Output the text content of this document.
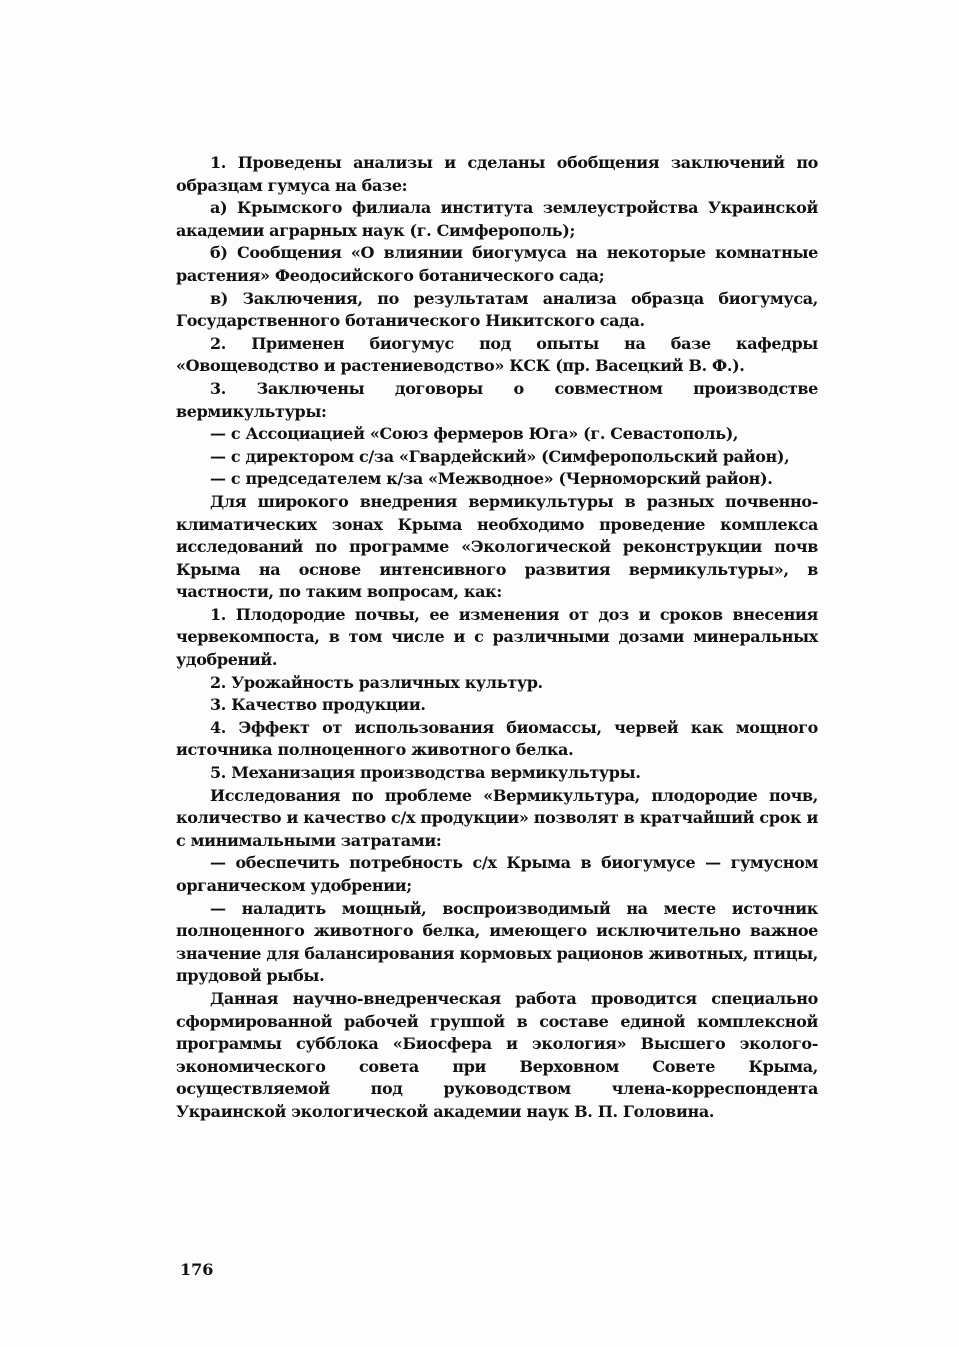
1. Проведены анализы и сделаны обобщения заключений по образцам гумуса на базе:

а) Крымского филиала института землеустройства Украинской академии аграрных наук (г. Симферополь);

б) Сообщения «О влиянии биогумуса на некоторые комнатные растения» Феодосийского ботанического сада;

в) Заключения, по результатам анализа образца биогумуса, Государственного ботанического Никитского сада.

2. Применен биогумус под опыты на базе кафедры «Овощеводство и растениеводство» КСК (пр. Васецкий В. Ф.).

3. Заключены договоры о совместном производстве вермикультуры:

— с Ассоциацией «Союз фермеров Юга» (г. Севастополь),

— с директором с/за «Гвардейский» (Симферопольский район),

— с председателем к/за «Межводное» (Черноморский район).

Для широкого внедрения вермикультуры в разных почвенно-климатических зонах Крыма необходимо проведение комплекса исследований по программе «Экологической реконструкции почв Крыма на основе интенсивного развития вермикультуры», в частности, по таким вопросам, как:

1. Плодородие почвы, ее изменения от доз и сроков внесения червекомпоста, в том числе и с различными дозами минеральных удобрений.

2. Урожайность различных культур.

3. Качество продукции.

4. Эффект от использования биомассы, червей как мощного источника полноценного животного белка.

5. Механизация производства вермикультуры.

Исследования по проблеме «Вермикультура, плодородие почв, количество и качество с/х продукции» позволят в кратчайший срок и с минимальными затратами:

— обеспечить потребность с/х Крыма в биогумусе — гумусном органическом удобрении;

— наладить мощный, воспроизводимый на месте источник полноценного животного белка, имеющего исключительно важное значение для балансирования кормовых рационов животных, птицы, прудовой рыбы.

Данная научно-внедренческая работа проводится специально сформированной рабочей группой в составе единой комплексной программы субблока «Биосфера и экология» Высшего эколого-экономического совета при Верховном Совете Крыма, осуществляемой под руководством члена-корреспондента Украинской экологической академии наук В. П. Головина.

176
